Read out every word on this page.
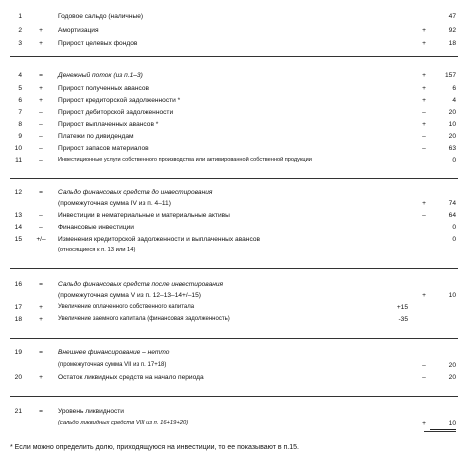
1	Годовое сальдо (наличные)	47
2	+	Амортизация	+	92
3	+	Прирост целевых фондов	+	18
4	=	Денежный поток (из п.1–3)	+	157
5	+	Прирост полученных авансов	+	6
6	+	Прирост кредиторской задолженности *	+	4
7	–	Прирост дебиторской задолженности	–	20
8	–	Прирост выплаченных авансов *	+	10
9	–	Платежи по дивидендам	–	20
10	–	Прирост запасов материалов	–	63
11	–	Инвестиционные услуги собственного производства или активированной собственной продукции	0
12	=	Сальдо финансовых средств до инвестирования
(промежуточная сумма IV из п. 4–11)	+	74
13	–	Инвестиции в нематериальные и материальные активы	–	64
14	–	Финансовые инвестиции	0
15	+/–	Изменения кредиторской задолженности и выплаченных авансов	0
(относящиеся к п. 13 или 14)
16	=	Сальдо финансовых средств после инвестирования
(промежуточная сумма V из п. 12–13–14+/–15)	+	10
17	+	Увеличение оплаченного собственного капитала	+15
18	+	Увеличение заемного капитала (финансовая задолженность)	-35
19	=	Внешнее финансирование – нетто
(промежуточная сумма VII из п. 17+18)	–	20
20	+	Остаток ликвидных средств на начало периода	–	20
21	=	Уровень ликвидности
(сальдо ликвидных средств VIII из п. 16+19+20)	+	10
* Если можно определить долю, приходящуюся на инвестиции, то ее показывают в п.15.
